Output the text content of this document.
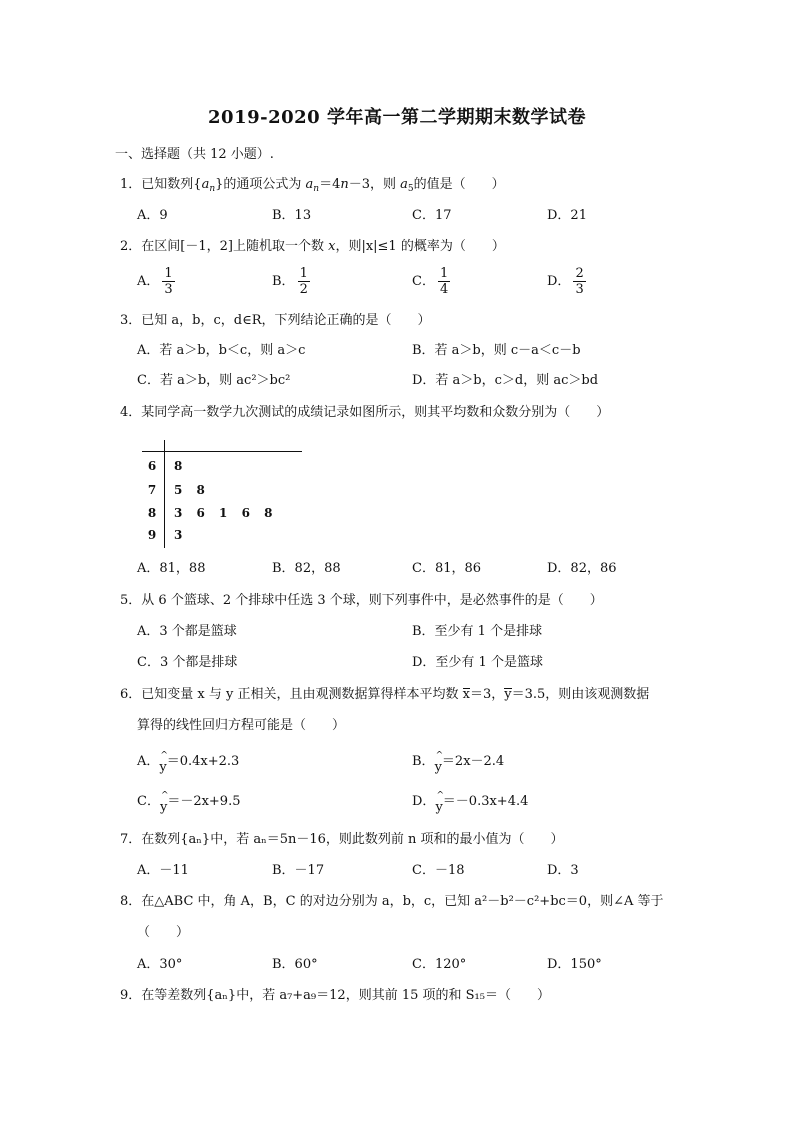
2019-2020 学年高一第二学期期末数学试卷
一、选择题（共 12 小题）.
1．已知数列$\{a_n\}$的通项公式为 $a_n=4n-3$，则 $a_5$的值是（　　）
A．9	B．13	C．17	D．21
2．在区间[－1，2]上随机取一个数 x，则|x|≤1 的概率为（　　）
A． $\frac{1}{3}$	B． $\frac{1}{2}$	C． $\frac{1}{4}$	D． $\frac{2}{3}$
3．已知 a，b，c，d∈R，下列结论正确的是（　　）
A．若 a＞b，b＜c，则 a＞c	B．若 a＞b，则 c－a＜c－b
C．若 a＞b，则 ac²＞bc²	D．若 a＞b，c＞d，则 ac＞bd
4．某同学高一数学九次测试的成绩记录如图所示，则其平均数和众数分别为（　　）
6 8
7 5 8
8 3 6 1 6 8
9 3
A．81，88	B．82，88	C．81，86	D．82，86
5．从 6 个篮球、2 个排球中任选 3 个球，则下列事件中，是必然事件的是（　　）
A．3 个都是篮球	B．至少有 1 个是排球
C．3 个都是排球	D．至少有 1 个是篮球
6．已知变量 x 与 y 正相关，且由观测数据算得样本平均数 x＝3，y＝3.5，则由该观测数据
算得的线性回归方程可能是（　　）
A．^ y＝0.4x+2.3	B．^ y＝2x－2.4
C．^ y＝－2x+9.5	D．^ y＝－0.3x+4.4
7．在数列{aₙ}中，若 aₙ＝5n－16，则此数列前 n 项和的最小值为（　　）
A．－11	B．－17	C．－18	D．3
8．在△ABC 中，角 A，B，C 的对边分别为 a，b，c，已知 a²－b²－c²+bc＝0，则∠A 等于
（　　）
A．30°	B．60°	C．120°	D．150°
9．在等差数列{aₙ}中，若 a₇+a₉＝12，则其前 15 项的和 S₁₅＝（　　）
